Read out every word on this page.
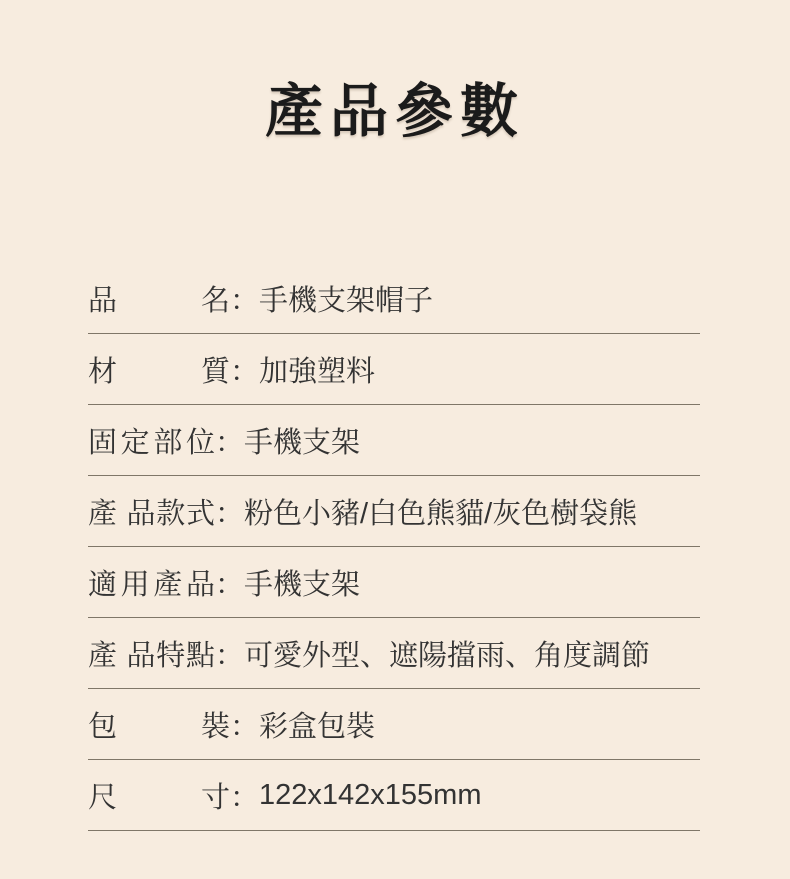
產品參數
品 名 ： 手機支架帽子
材 質 ： 加強塑料
固定部位 ： 手機支架
產 品款式 ： 粉色小豬/白色熊貓/灰色樹袋熊
適用產品 ： 手機支架
產 品特點 ： 可愛外型、遮陽擋雨、角度調節
包 裝 ： 彩盒包裝
尺 寸 ： 122x142x155mm
